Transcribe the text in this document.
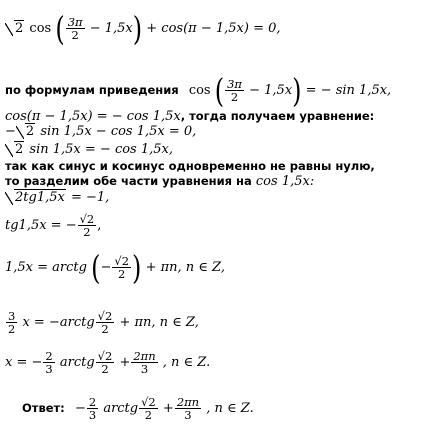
2 cos ( $\frac{3\pi}{2} - 1,5x) + \cos(\pi - 1,5x) = 0$,
по формулам приведения cos ( $\frac{3\pi}{2} - 1,5x$) = − sin 1,5x,
cos(π − 1,5x) = − cos 1,5x, тогда получаем уравнение:
− 2 sin 1,5x − cos 1,5x = 0,
2 sin 1,5x = − cos 1,5x,
так как синус и косинус одновременно не равны нулю,
то разделим обе части уравнения на cos 1,5x:
2tg1,5x = −1,
tg1,5x = − $\frac{√2}{2}$ ,
1,5x = arctg (− $\frac{√2}{2}$ ) + πn, n ∈ Z,
$\frac{3}{2}$ x = −arctg $\frac{√2}{2} + \pi n$, n ∈ Z,
x = − $\frac{2}{3}$ arctg $\frac{√2}{2} + \frac{2\pi n}{3}$ , n ∈ Z.
Ответ: − $\frac{2}{3}$ arctg $\frac{√2}{2} + \frac{2\pi n}{3}$ , n ∈ Z.
